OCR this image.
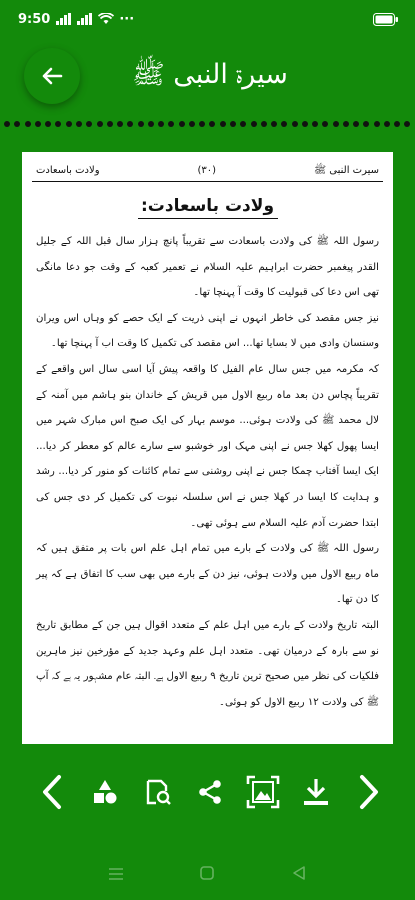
9:50	···
سیرۃ النبی ﷺ
سیرت النبی ﷺ
(۳۰)
ولادت باسعادت
ولادت باسعادت:

رسول اللہ ﷺ کی ولادت باسعادت سے تقریباً پانچ ہزار سال قبل اللہ کے جلیل القدر پیغمبر حضرت ابراہیم علیہ السلام نے تعمیر کعبہ کے وقت جو دعا مانگی تھی اس دعا کی قبولیت کا وقت آ پہنچا تھا۔

نیز جس مقصد کی خاطر انہوں نے اپنی ذریت کے ایک حصے کو وہاں اس ویران وسنسان وادی میں لا بسایا تھا... اس مقصد کی تکمیل کا وقت اب آ پہنچا تھا۔

کہ مکرمہ میں جس سال عام الفیل کا واقعہ پیش آیا اسی سال اس واقعے کے تقریباً پچاس دن بعد ماہ ربیع الاول میں قریش کے خاندان بنو ہاشم میں آمنہ کے لال محمد ﷺ کی ولادت ہوئی... موسم بہار کی ایک صبح اس مبارک شہر میں ایسا پھول کھلا جس نے اپنی مہک اور خوشبو سے سارے عالم کو معطر کر دیا... ایک ایسا آفتاب چمکا جس نے اپنی روشنی سے تمام کائنات کو منور کر دیا... رشد و ہدایت کا ایسا در کھلا جس نے اس سلسلہ نبوت کی تکمیل کر دی جس کی ابتدا حضرت آدم علیہ السلام سے ہوئی تھی۔

رسول اللہ ﷺ کی ولادت کے بارے میں تمام اہل علم اس بات پر متفق ہیں کہ ماہ ربیع الاول میں ولادت ہوئی، نیز دن کے بارے میں بھی سب کا اتفاق ہے کہ پیر کا دن تھا۔

البتہ تاریخ ولادت کے بارے میں اہل علم کے متعدد اقوال ہیں جن کے مطابق تاریخ نو سے بارہ کے درمیان تھی۔ متعدد اہل علم وعہد جدید کے مؤرخین نیز ماہرین فلکیات کی نظر میں صحیح ترین تاریخ ۹ ربیع الاول ہے۔ البتہ عام مشہور یہ ہے کہ آپ ﷺ کی ولادت ۱۲ ربیع الاول کو ہوئی۔
